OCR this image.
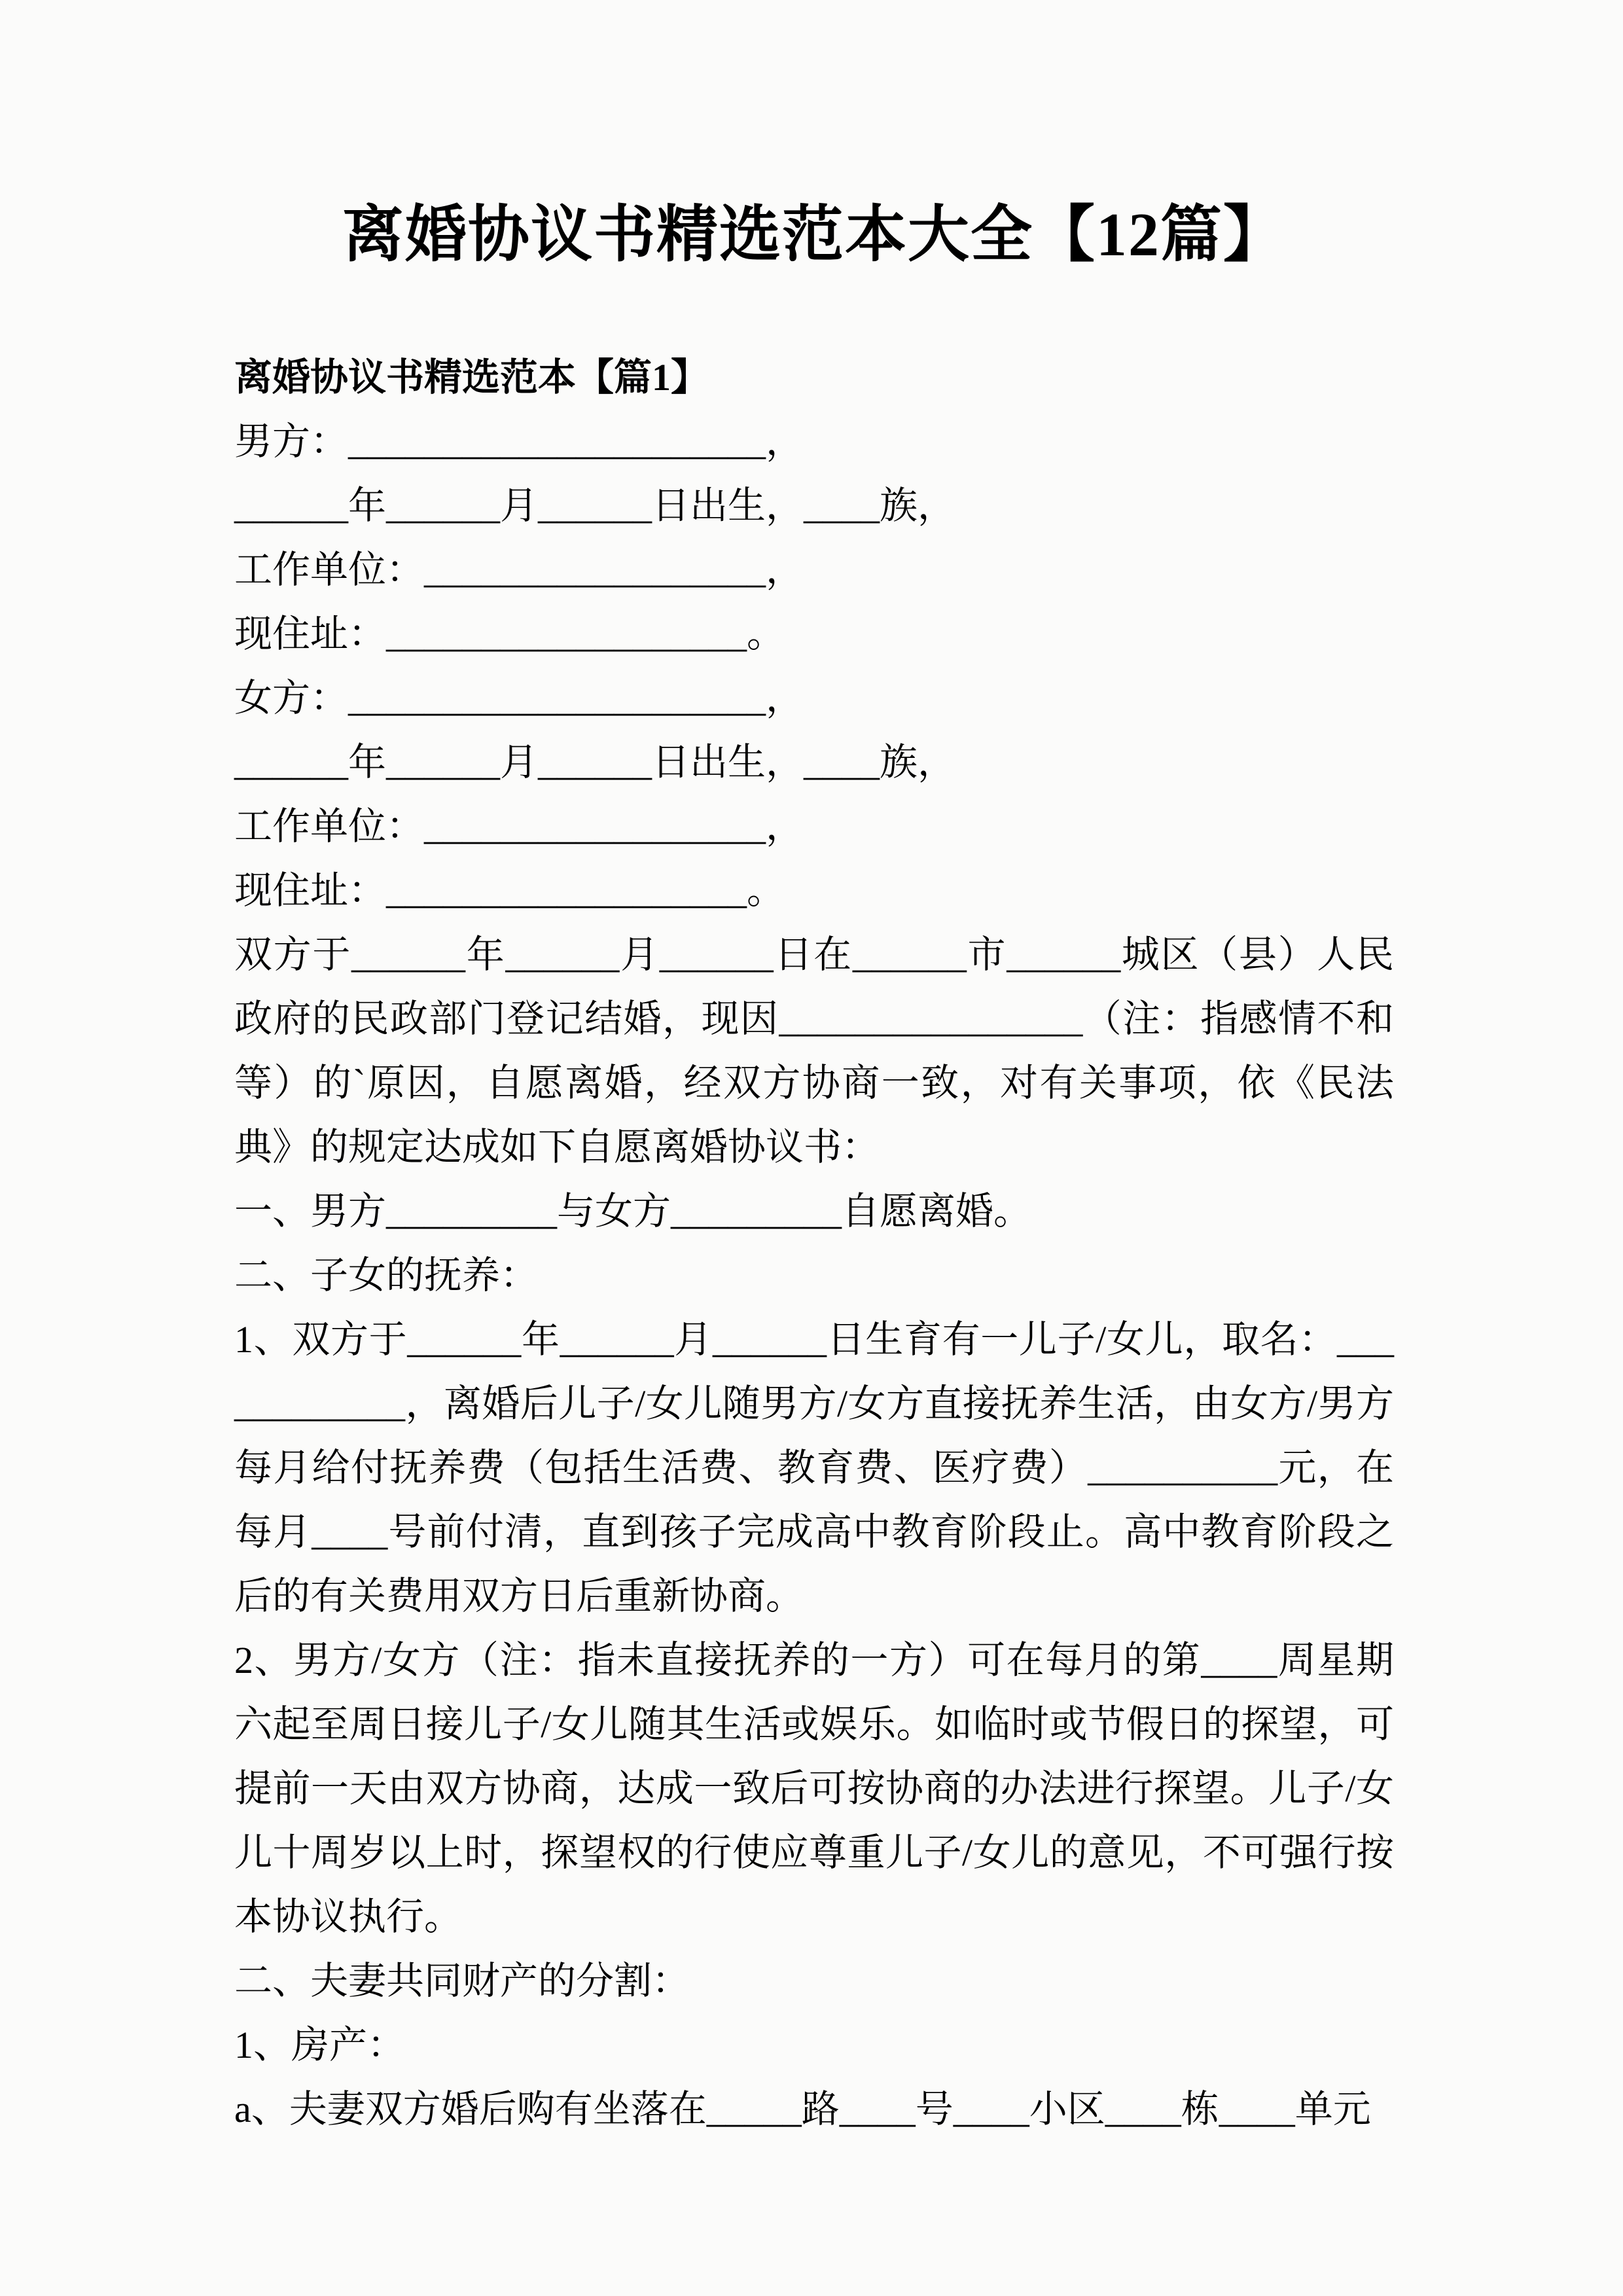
离婚协议书精选范本大全【12篇】

离婚协议书精选范本【篇1】

男方：______________________，

______年______月______日出生，____族，

工作单位：__________________，

现住址：___________________。

女方：______________________，

______年______月______日出生，____族，

工作单位：__________________，

现住址：___________________。

双方于______年______月______日在______市______城区（县）人民政府的民政部门登记结婚，现因________________（注：指感情不和等）的`原因，自愿离婚，经双方协商一致，对有关事项，依《民法典》的规定达成如下自愿离婚协议书：

一、男方_________与女方_________自愿离婚。

二、子女的抚养：

1、双方于______年______月______日生育有一儿子/女儿，取名：____________，离婚后儿子/女儿随男方/女方直接抚养生活，由女方/男方每月给付抚养费（包括生活费、教育费、医疗费）__________元，在每月____号前付清，直到孩子完成高中教育阶段止。高中教育阶段之后的有关费用双方日后重新协商。

2、男方/女方（注：指未直接抚养的一方）可在每月的第____周星期六起至周日接儿子/女儿随其生活或娱乐。如临时或节假日的探望，可提前一天由双方协商，达成一致后可按协商的办法进行探望。儿子/女儿十周岁以上时，探望权的行使应尊重儿子/女儿的意见，不可强行按本协议执行。

二、夫妻共同财产的分割：

1、房产：

a、夫妻双方婚后购有坐落在_____路____号____小区____栋____单元
